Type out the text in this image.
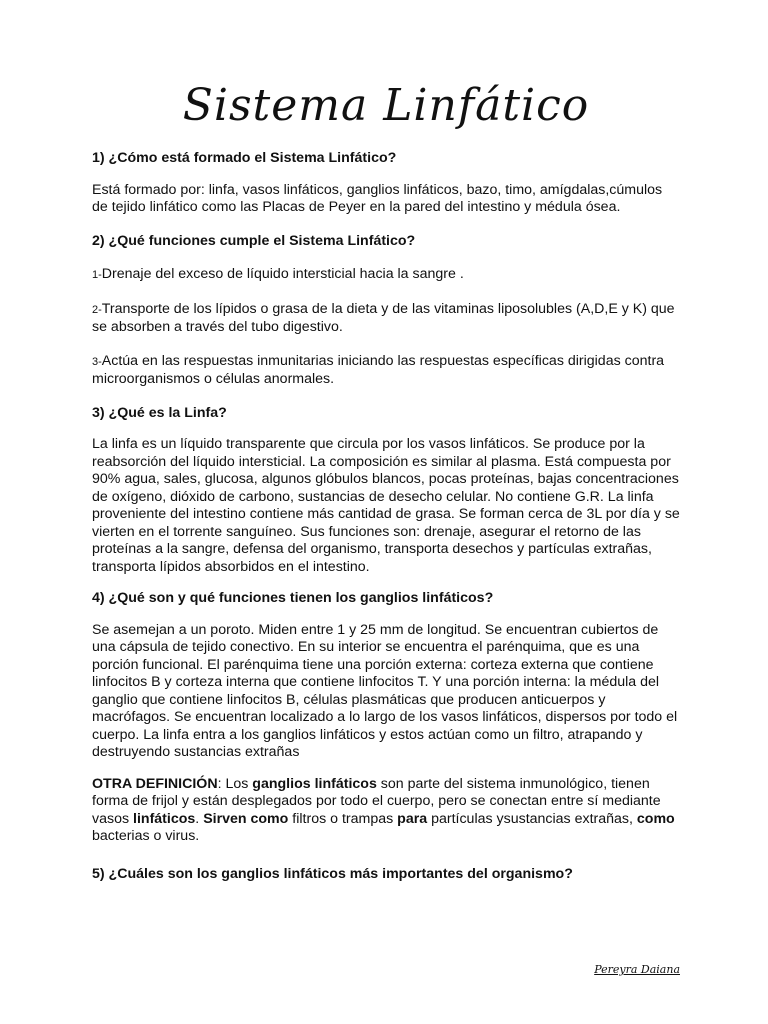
Sistema Linfático

1) ¿Cómo está formado el Sistema Linfático?

Está formado por: linfa, vasos linfáticos, ganglios linfáticos, bazo, timo, amígdalas,cúmulos de tejido linfático como las Placas de Peyer en la pared del intestino y médula ósea.

2) ¿Qué funciones cumple el Sistema Linfático?

1-Drenaje del exceso de líquido intersticial hacia la sangre .

2-Transporte de los lípidos o grasa de la dieta y de las vitaminas liposolubles (A,D,E y K) que se absorben a través del tubo digestivo.

3-Actúa en las respuestas inmunitarias iniciando las respuestas específicas dirigidas contra microorganismos o células anormales.

3) ¿Qué es la Linfa?

La linfa es un líquido transparente que circula por los vasos linfáticos. Se produce por la reabsorción del líquido intersticial. La composición es similar al plasma. Está compuesta por 90% agua, sales, glucosa, algunos glóbulos blancos, pocas proteínas, bajas concentraciones de oxígeno, dióxido de carbono, sustancias de desecho celular. No contiene G.R. La linfa proveniente del intestino contiene más cantidad de grasa. Se forman cerca de 3L por día y se vierten en el torrente sanguíneo. Sus funciones son: drenaje, asegurar el retorno de las proteínas a la sangre, defensa del organismo, transporta desechos y partículas extrañas, transporta lípidos absorbidos en el intestino.

4) ¿Qué son y qué funciones tienen los ganglios linfáticos?

Se asemejan a un poroto. Miden entre 1 y 25 mm de longitud. Se encuentran cubiertos de una cápsula de tejido conectivo. En su interior se encuentra el parénquima, que es una porción funcional. El parénquima tiene una porción externa: corteza externa que contiene linfocitos B y corteza interna que contiene linfocitos T. Y una porción interna: la médula del ganglio que contiene linfocitos B, células plasmáticas que producen anticuerpos y macrófagos. Se encuentran localizado a lo largo de los vasos linfáticos, dispersos por todo el cuerpo. La linfa entra a los ganglios linfáticos y estos actúan como un filtro, atrapando y destruyendo sustancias extrañas

OTRA DEFINICIÓN: Los ganglios linfáticos son parte del sistema inmunológico, tienen forma de frijol y están desplegados por todo el cuerpo, pero se conectan entre sí mediante vasos linfáticos. Sirven como filtros o trampas para partículas ysustancias extrañas, como bacterias o virus.

5) ¿Cuáles son los ganglios linfáticos más importantes del organismo?

Pereyra Daiana
